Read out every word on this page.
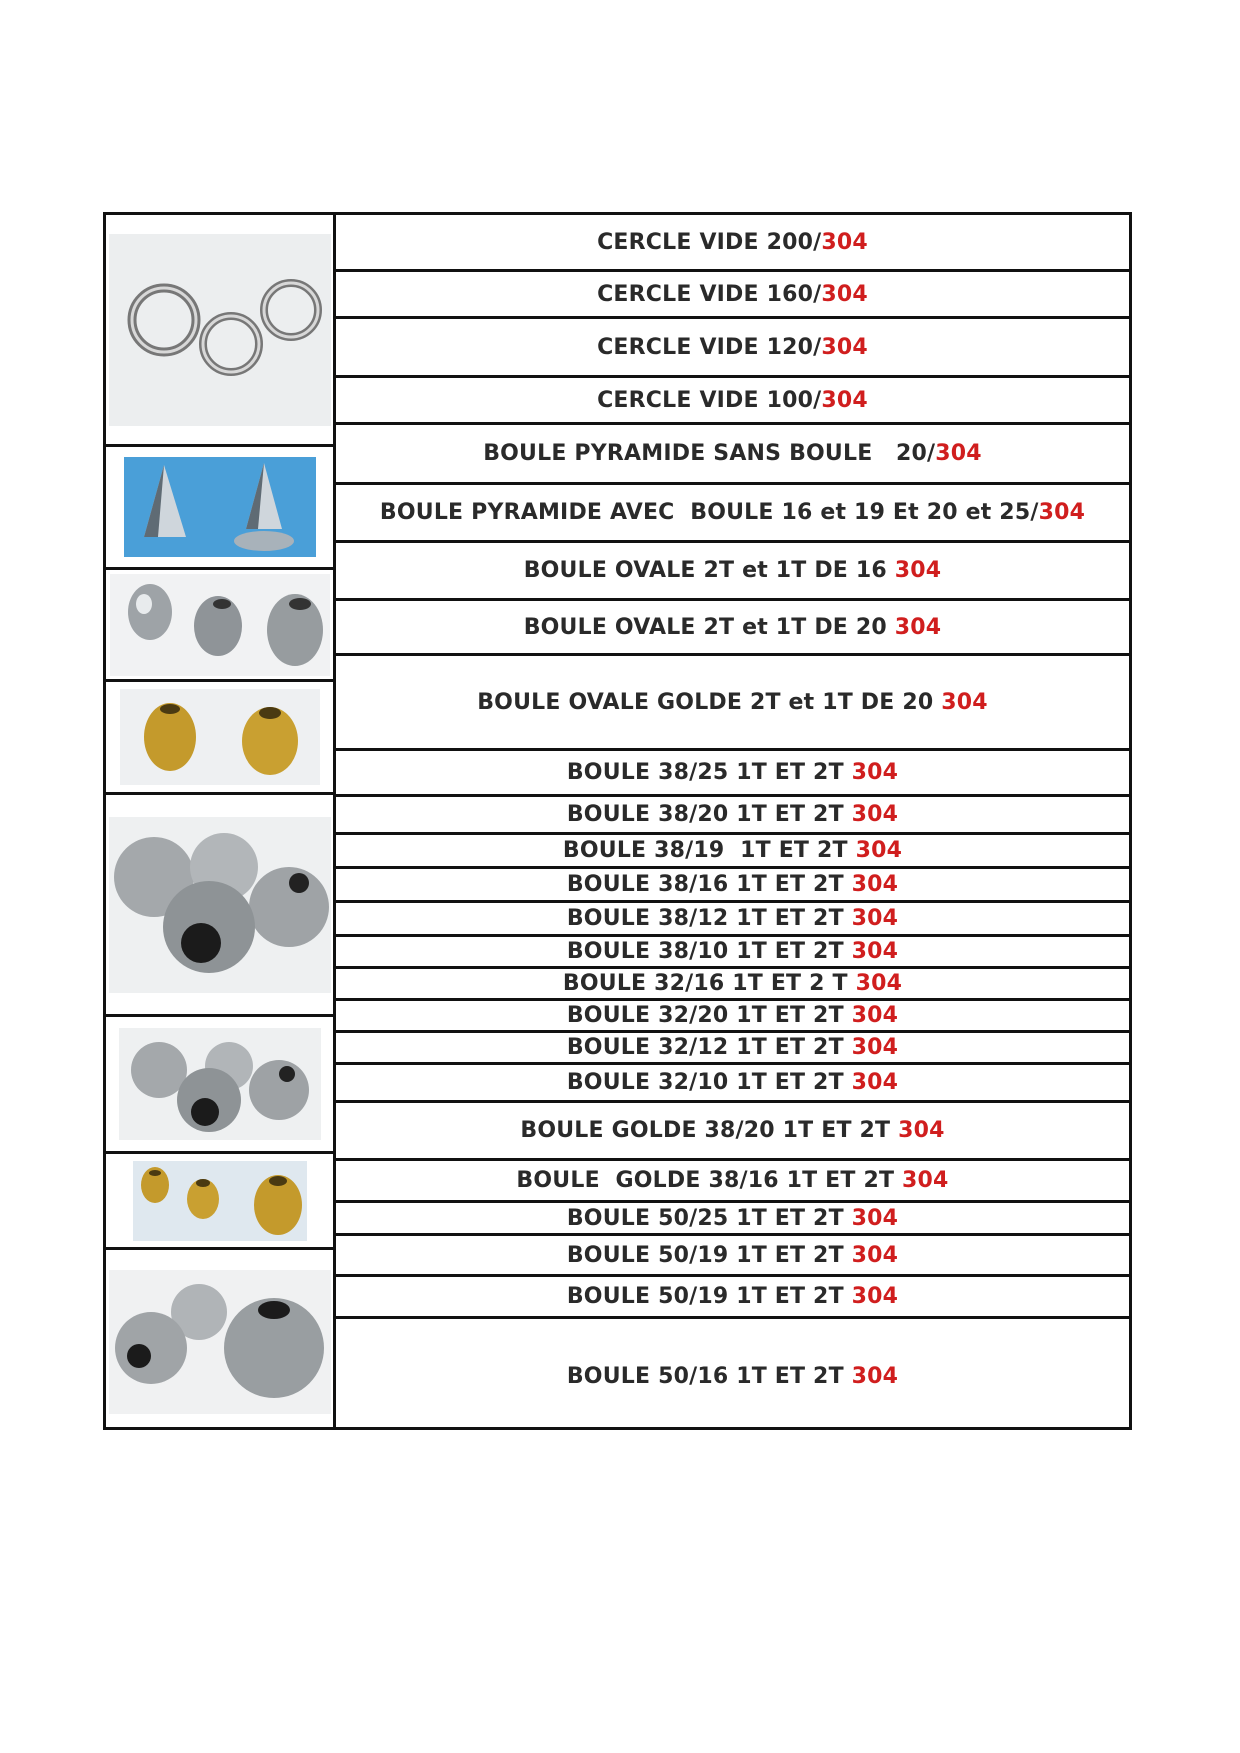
CERCLE VIDE 200/ 304
CERCLE VIDE 160/ 304
CERCLE VIDE 120/ 304
CERCLE VIDE 100/ 304
BOULE PYRAMIDE SANS BOULE   20/ 304
BOULE PYRAMIDE AVEC  BOULE 16 et 19 Et 20 et 25/ 304
BOULE OVALE 2T et 1T DE 16 304
BOULE OVALE 2T et 1T DE 20 304
BOULE OVALE GOLDE 2T et 1T DE 20 304
BOULE 38/25 1T ET 2T 304
BOULE 38/20 1T ET 2T 304
BOULE 38/19  1T ET 2T 304
BOULE 38/16 1T ET 2T 304
BOULE 38/12 1T ET 2T 304
BOULE 38/10 1T ET 2T 304
BOULE 32/16 1T ET 2 T 304
BOULE 32/20 1T ET 2T 304
BOULE 32/12 1T ET 2T 304
BOULE 32/10 1T ET 2T 304
BOULE GOLDE 38/20 1T ET 2T 304
BOULE  GOLDE 38/16 1T ET 2T 304
BOULE 50/25 1T ET 2T 304
BOULE 50/19 1T ET 2T 304
BOULE 50/19 1T ET 2T 304
BOULE 50/16 1T ET 2T 304
